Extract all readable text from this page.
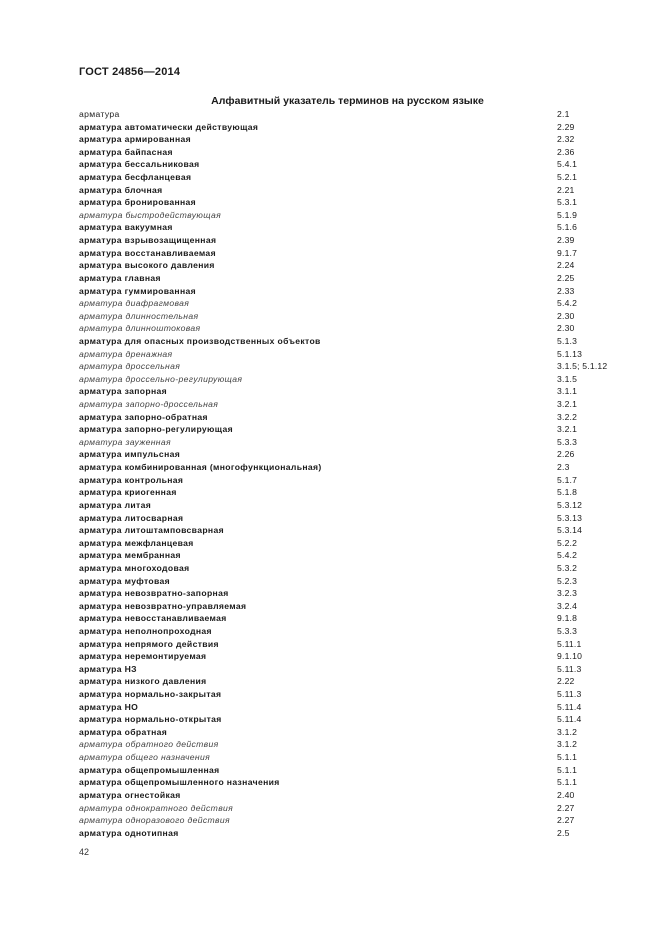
ГОСТ 24856—2014
Алфавитный указатель терминов на русском языке
арматура	2.1
арматура автоматически действующая	2.29
арматура армированная	2.32
арматура байпасная	2.36
арматура бессальниковая	5.4.1
арматура бесфланцевая	5.2.1
арматура блочная	2.21
арматура бронированная	5.3.1
арматура быстродействующая	5.1.9
арматура вакуумная	5.1.6
арматура взрывозащищенная	2.39
арматура восстанавливаемая	9.1.7
арматура высокого давления	2.24
арматура главная	2.25
арматура гуммированная	2.33
арматура диафрагмовая	5.4.2
арматура длинностельная	2.30
арматура длинноштоковая	2.30
арматура для опасных производственных объектов	5.1.3
арматура дренажная	5.1.13
арматура дроссельная	3.1.5; 5.1.12
арматура дроссельно-регулирующая	3.1.5
арматура запорная	3.1.1
арматура запорно-дроссельная	3.2.1
арматура запорно-обратная	3.2.2
арматура запорно-регулирующая	3.2.1
арматура зауженная	5.3.3
арматура импульсная	2.26
арматура комбинированная (многофункциональная)	2.3
арматура контрольная	5.1.7
арматура криогенная	5.1.8
арматура литая	5.3.12
арматура литосварная	5.3.13
арматура литоштамповсварная	5.3.14
арматура межфланцевая	5.2.2
арматура мембранная	5.4.2
арматура многоходовая	5.3.2
арматура муфтовая	5.2.3
арматура невозвратно-запорная	3.2.3
арматура невозвратно-управляемая	3.2.4
арматура невосстанавливаемая	9.1.8
арматура неполнопроходная	5.3.3
арматура непрямого действия	5.11.1
арматура неремонтируемая	9.1.10
арматура НЗ	5.11.3
арматура низкого давления	2.22
арматура нормально-закрытая	5.11.3
арматура НО	5.11.4
арматура нормально-открытая	5.11.4
арматура обратная	3.1.2
арматура обратного действия	3.1.2
арматура общего назначения	5.1.1
арматура общепромышленная	5.1.1
арматура общепромышленного назначения	5.1.1
арматура огнестойкая	2.40
арматура однократного действия	2.27
арматура одноразового действия	2.27
арматура однотипная	2.5
42
